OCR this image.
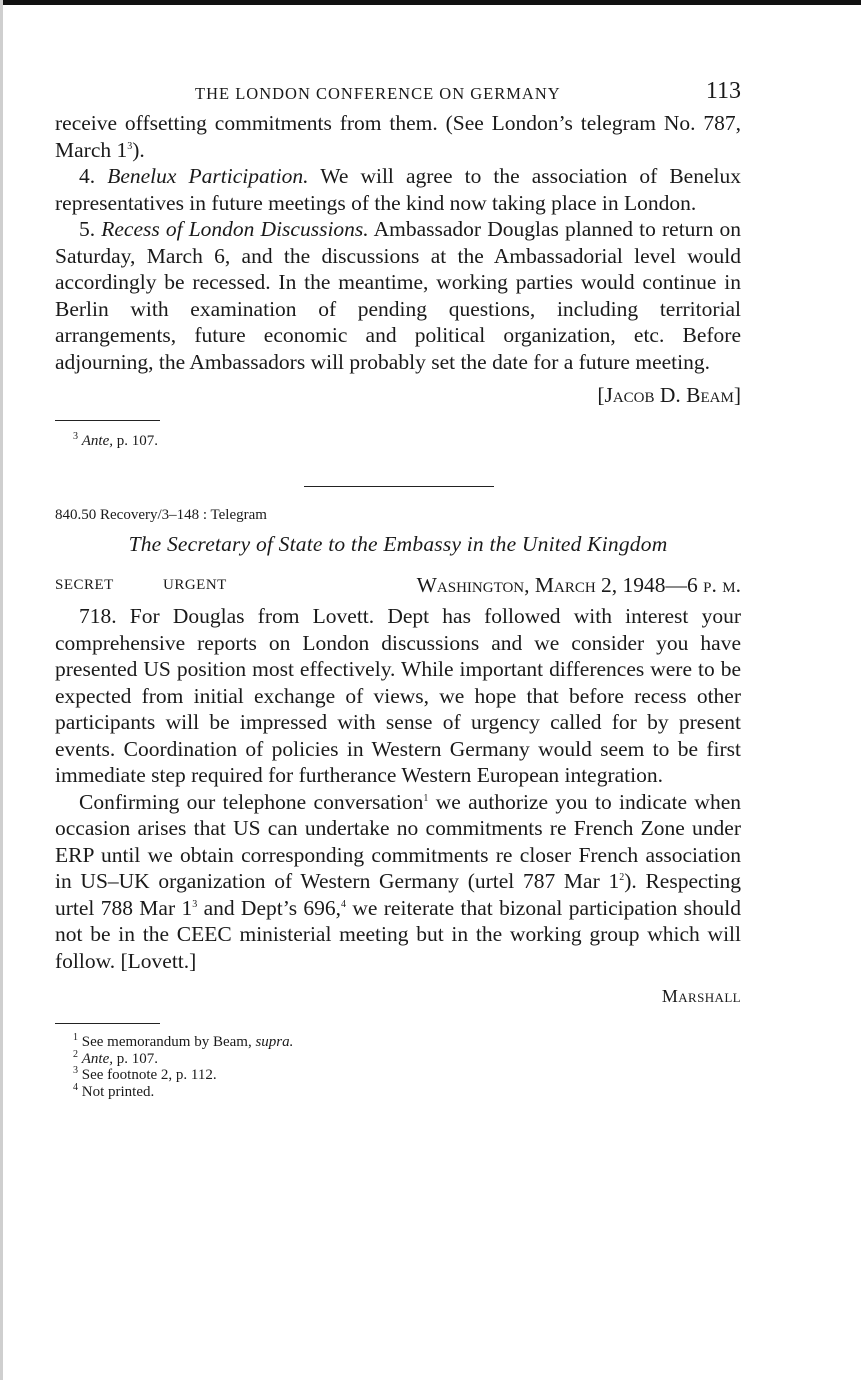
THE LONDON CONFERENCE ON GERMANY	113

receive offsetting commitments from them. (See London’s telegram No. 787, March $1^3$).

4. Benelux Participation. We will agree to the association of Benelux representatives in future meetings of the kind now taking place in London.

5. Recess of London Discussions. Ambassador Douglas planned to return on Saturday, March 6, and the discussions at the Ambassadorial level would accordingly be recessed. In the meantime, working parties would continue in Berlin with examination of pending questions, including territorial arrangements, future economic and political organization, etc. Before adjourning, the Ambassadors will probably set the date for a future meeting.

[Jacob D. Beam]
$^3$ Ante, p. 107.
840.50 Recovery/3–148 : Telegram
The Secretary of State to the Embassy in the United Kingdom
SECRET	URGENT	Washington, March 2, 1948—6 p. m.

718. For Douglas from Lovett. Dept has followed with interest your comprehensive reports on London discussions and we consider you have presented US position most effectively. While important differences were to be expected from initial exchange of views, we hope that before recess other participants will be impressed with sense of urgency called for by present events. Coordination of policies in Western Germany would seem to be first immediate step required for furtherance Western European integration.

Confirming our telephone conversation$^1$ we authorize you to indicate when occasion arises that US can undertake no commitments re French Zone under ERP until we obtain corresponding commitments re closer French association in US–UK organization of Western Germany (urtel 787 Mar $1^2$). Respecting urtel 788 Mar $1^3$ and Dept’s 696,$^4$ we reiterate that bizonal participation should not be in the CEEC ministerial meeting but in the working group which will follow. [Lovett.]

Marshall
$^1$ See memorandum by Beam, supra.
$^2$ Ante, p. 107.
$^3$ See footnote 2, p. 112.
$^4$ Not printed.
